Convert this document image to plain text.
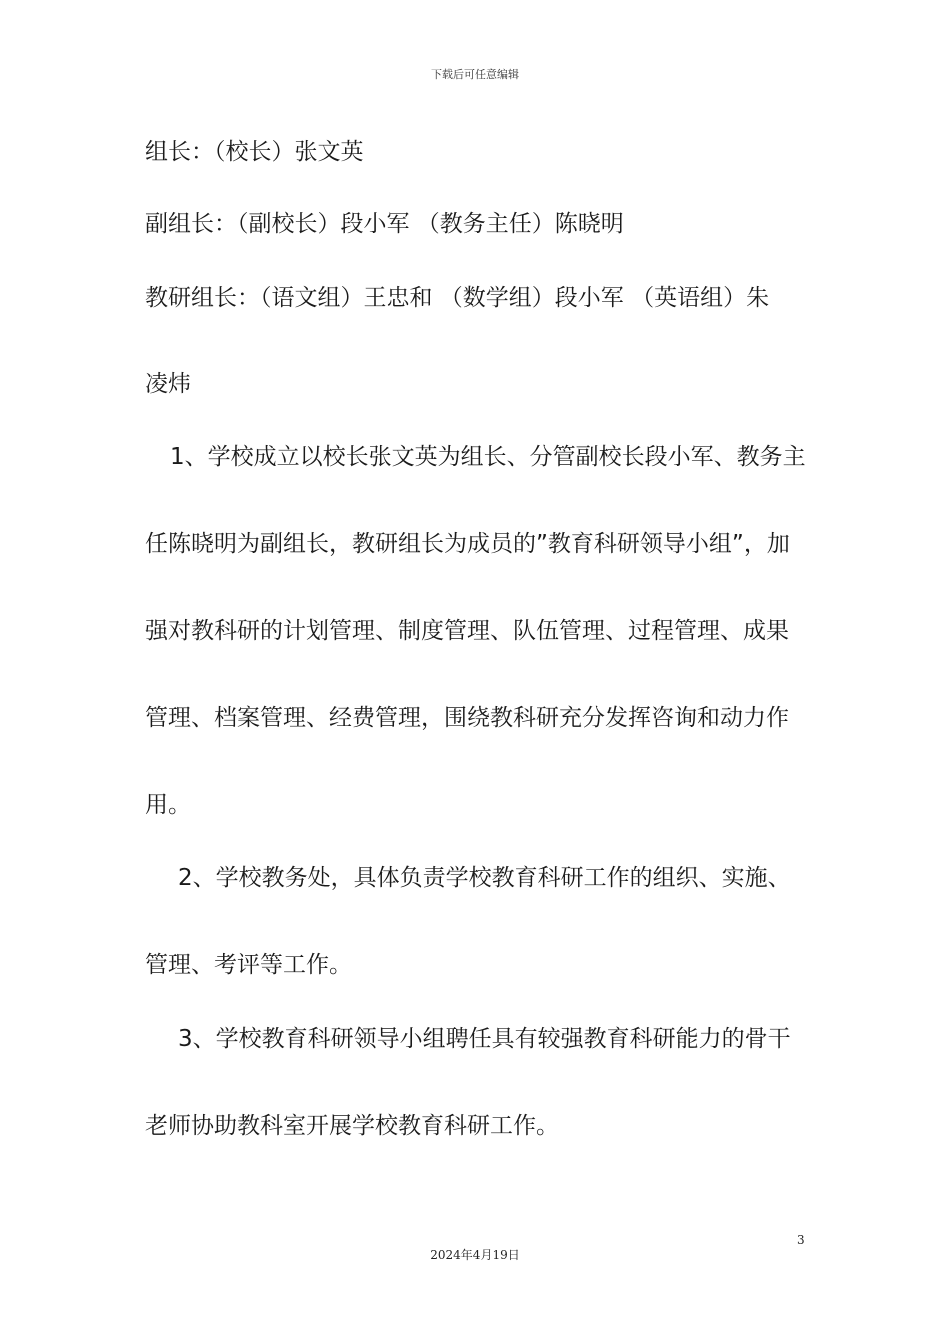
下载后可任意编辑
组长：（校长）张文英
副组长：（副校长）段小军 （教务主任）陈晓明
教研组长：（语文组）王忠和 （数学组）段小军 （英语组）朱
凌炜
1、学校成立以校长张文英为组长、分管副校长段小军、教务主
任陈晓明为副组长，教研组长为成员的”教育科研领导小组”，加
强对教科研的计划管理、制度管理、队伍管理、过程管理、成果
管理、档案管理、经费管理，围绕教科研充分发挥咨询和动力作
用。
2、学校教务处，具体负责学校教育科研工作的组织、实施、
管理、考评等工作。
3、学校教育科研领导小组聘任具有较强教育科研能力的骨干
老师协助教科室开展学校教育科研工作。
3
2024年4月19日
